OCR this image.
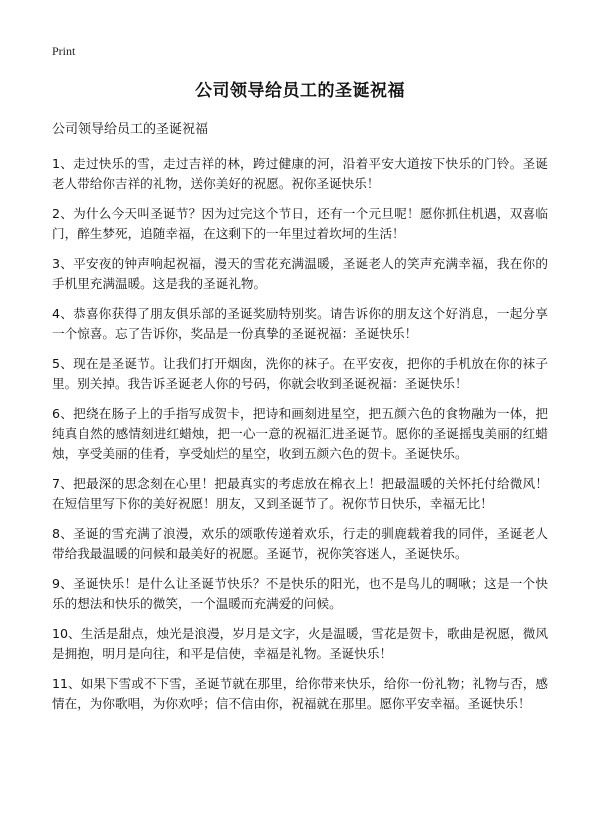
Print
公司领导给员工的圣诞祝福

公司领导给员工的圣诞祝福

1、走过快乐的雪，走过吉祥的林，跨过健康的河，沿着平安大道按下快乐的门铃。圣诞老人带给你吉祥的礼物，送你美好的祝愿。祝你圣诞快乐！

2、为什么今天叫圣诞节？因为过完这个节日，还有一个元旦呢！愿你抓住机遇，双喜临门，醉生梦死，追随幸福，在这剩下的一年里过着坎坷的生活！

3、平安夜的钟声响起祝福，漫天的雪花充满温暖，圣诞老人的笑声充满幸福，我在你的手机里充满温暖。这是我的圣诞礼物。

4、恭喜你获得了朋友俱乐部的圣诞奖励特别奖。请告诉你的朋友这个好消息，一起分享一个惊喜。忘了告诉你，奖品是一份真挚的圣诞祝福：圣诞快乐！

5、现在是圣诞节。让我们打开烟囱，洗你的袜子。在平安夜，把你的手机放在你的袜子里。别关掉。我告诉圣诞老人你的号码，你就会收到圣诞祝福：圣诞快乐！

6、把绕在肠子上的手指写成贺卡，把诗和画刻进星空，把五颜六色的食物融为一体，把纯真自然的感情刻进红蜡烛，把一心一意的祝福汇进圣诞节。愿你的圣诞摇曳美丽的红蜡烛，享受美丽的佳肴，享受灿烂的星空，收到五颜六色的贺卡。圣诞快乐。

7、把最深的思念刻在心里！把最真实的考虑放在棉衣上！把最温暖的关怀托付给微风！在短信里写下你的美好祝愿！朋友，又到圣诞节了。祝你节日快乐，幸福无比！

8、圣诞的雪充满了浪漫，欢乐的颂歌传递着欢乐，行走的驯鹿载着我的同伴，圣诞老人带给我最温暖的问候和最美好的祝愿。圣诞节，祝你笑容迷人，圣诞快乐。

9、圣诞快乐！是什么让圣诞节快乐？不是快乐的阳光，也不是鸟儿的啁啾；这是一个快乐的想法和快乐的微笑，一个温暖而充满爱的问候。

10、生活是甜点，烛光是浪漫，岁月是文字，火是温暖，雪花是贺卡，歌曲是祝愿，微风是拥抱，明月是向往，和平是信使，幸福是礼物。圣诞快乐！

11、如果下雪或不下雪，圣诞节就在那里，给你带来快乐，给你一份礼物；礼物与否，感情在，为你歌唱，为你欢呼；信不信由你，祝福就在那里。愿你平安幸福。圣诞快乐！
